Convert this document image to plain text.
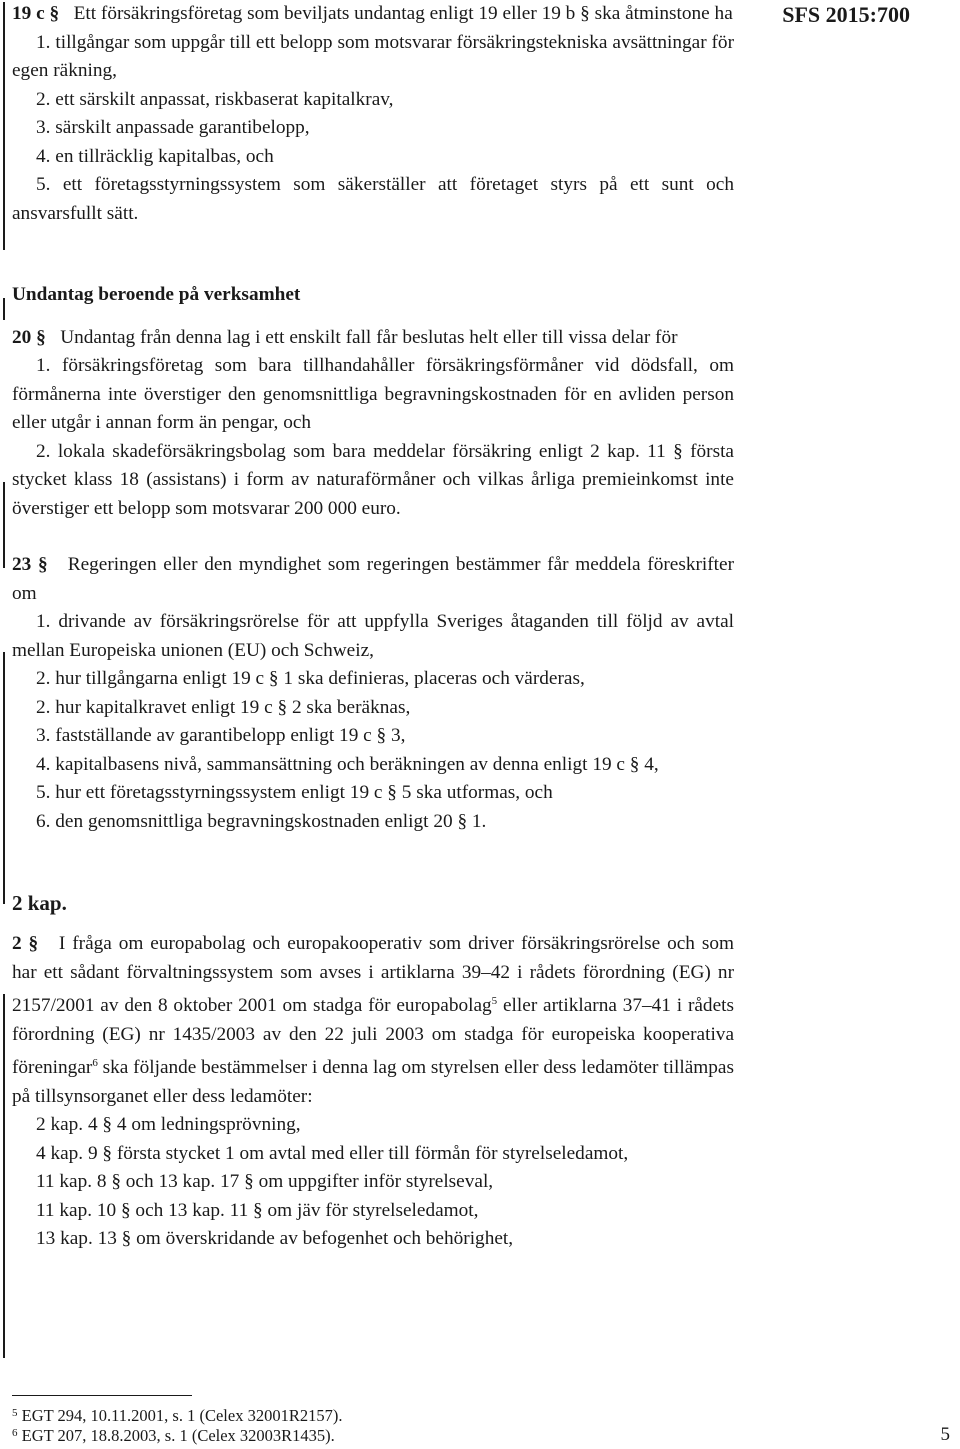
SFS 2015:700

19 c § Ett försäkringsföretag som beviljats undantag enligt 19 eller 19 b § ska åtminstone ha

1. tillgångar som uppgår till ett belopp som motsvarar försäkringstekniska avsättningar för egen räkning,

2. ett särskilt anpassat, riskbaserat kapitalkrav,

3. särskilt anpassade garantibelopp,

4. en tillräcklig kapitalbas, och

5. ett företagsstyrningssystem som säkerställer att företaget styrs på ett sunt och ansvarsfullt sätt.

Undantag beroende på verksamhet

20 § Undantag från denna lag i ett enskilt fall får beslutas helt eller till vissa delar för

1. försäkringsföretag som bara tillhandahåller försäkringsförmåner vid dödsfall, om förmånerna inte överstiger den genomsnittliga begravningskostnaden för en avliden person eller utgår i annan form än pengar, och

2. lokala skadeförsäkringsbolag som bara meddelar försäkring enligt 2 kap. 11 § första stycket klass 18 (assistans) i form av naturaförmåner och vilkas årliga premieinkomst inte överstiger ett belopp som motsvarar 200 000 euro.

23 § Regeringen eller den myndighet som regeringen bestämmer får meddela föreskrifter om

1. drivande av försäkringsrörelse för att uppfylla Sveriges åtaganden till följd av avtal mellan Europeiska unionen (EU) och Schweiz,

2. hur tillgångarna enligt 19 c § 1 ska definieras, placeras och värderas,

2. hur kapitalkravet enligt 19 c § 2 ska beräknas,

3. fastställande av garantibelopp enligt 19 c § 3,

4. kapitalbasens nivå, sammansättning och beräkningen av denna enligt 19 c § 4,

5. hur ett företagsstyrningssystem enligt 19 c § 5 ska utformas, och

6. den genomsnittliga begravningskostnaden enligt 20 § 1.

2 kap.

2 § I fråga om europabolag och europakooperativ som driver försäkringsrörelse och som har ett sådant förvaltningssystem som avses i artiklarna 39–42 i rådets förordning (EG) nr 2157/2001 av den 8 oktober 2001 om stadga för europabolag$^5$ eller artiklarna 37–41 i rådets förordning (EG) nr 1435/2003 av den 22 juli 2003 om stadga för europeiska kooperativa föreningar$^6$ ska följande bestämmelser i denna lag om styrelsen eller dess ledamöter tillämpas på tillsynsorganet eller dess ledamöter:

2 kap. 4 § 4 om ledningsprövning,

4 kap. 9 § första stycket 1 om avtal med eller till förmån för styrelseledamot,

11 kap. 8 § och 13 kap. 17 § om uppgifter inför styrelseval,

11 kap. 10 § och 13 kap. 11 § om jäv för styrelseledamot,

13 kap. 13 § om överskridande av befogenhet och behörighet,

$^5$ EGT 294, 10.11.2001, s. 1 (Celex 32001R2157).
$^6$ EGT 207, 18.8.2003, s. 1 (Celex 32003R1435).	5
